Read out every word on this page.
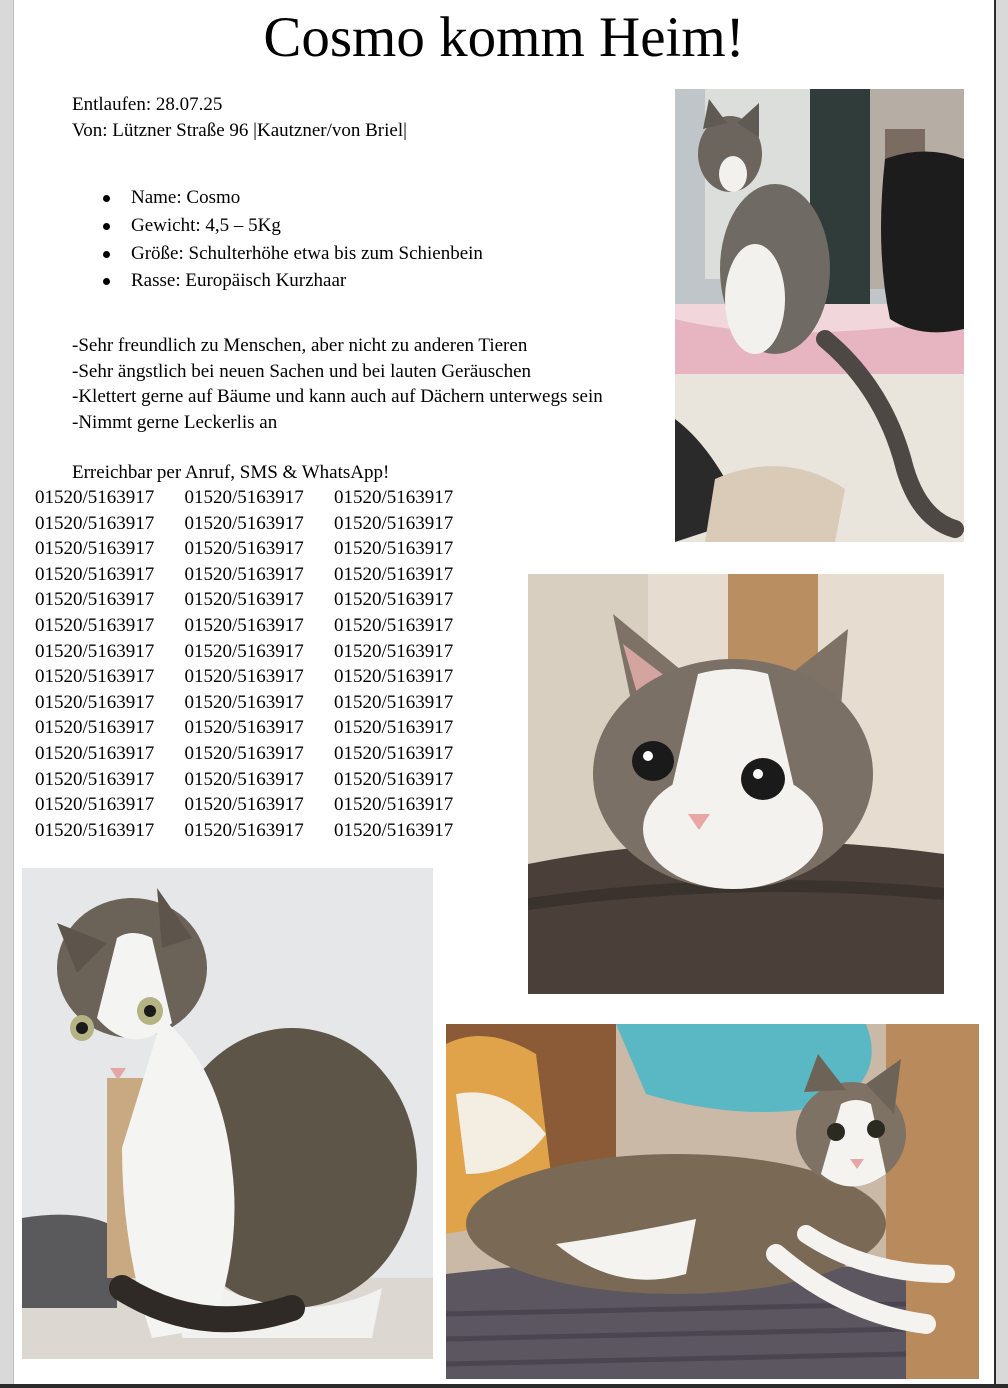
Cosmo komm Heim!
Entlaufen: 28.07.25
Von: Lützner Straße 96 |Kautzner/von Briel|
Name: Cosmo
Gewicht: 4,5 – 5Kg
Größe: Schulterhöhe etwa bis zum Schienbein
Rasse: Europäisch Kurzhaar
-Sehr freundlich zu Menschen, aber nicht zu anderen Tieren
-Sehr ängstlich bei neuen Sachen und bei lauten Geräuschen
-Klettert gerne auf Bäume und kann auch auf Dächern unterwegs sein
-Nimmt gerne Leckerlis an
Erreichbar per Anruf, SMS & WhatsApp!
01520/5163917	01520/5163917	01520/5163917
01520/5163917	01520/5163917	01520/5163917
01520/5163917	01520/5163917	01520/5163917
01520/5163917	01520/5163917	01520/5163917
01520/5163917	01520/5163917	01520/5163917
01520/5163917	01520/5163917	01520/5163917
01520/5163917	01520/5163917	01520/5163917
01520/5163917	01520/5163917	01520/5163917
01520/5163917	01520/5163917	01520/5163917
01520/5163917	01520/5163917	01520/5163917
01520/5163917	01520/5163917	01520/5163917
01520/5163917	01520/5163917	01520/5163917
01520/5163917	01520/5163917	01520/5163917
01520/5163917	01520/5163917	01520/5163917
